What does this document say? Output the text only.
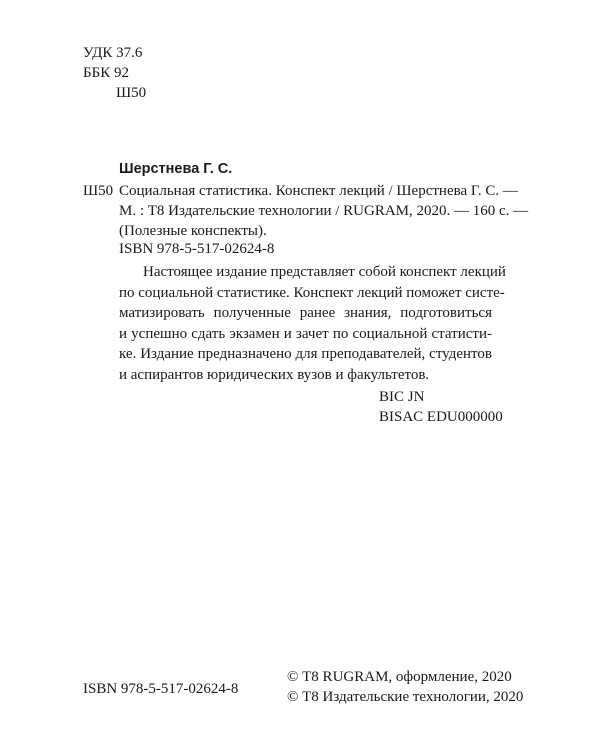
УДК 37.6
ББК 92
Ш50
Шерстнева Г. С.
Ш50 Социальная статистика. Конспект лекций / Шерстнева Г. С. —
М. : Т8 Издательские технологии / RUGRAM, 2020. — 160 с. —
(Полезные конспекты).
ISBN 978-5-517-02624-8
Настоящее издание представляет собой конспект лекций
по социальной статистике. Конспект лекций поможет систе-
матизировать полученные ранее знания, подготовиться
и успешно сдать экзамен и зачет по социальной статисти-
ке. Издание предназначено для преподавателей, студентов
и аспирантов юридических вузов и факультетов.
BIC JN
BISAC EDU000000
ISBN 978-5-517-02624-8
© Т8 RUGRAM, оформление, 2020
© Т8 Издательские технологии, 2020
